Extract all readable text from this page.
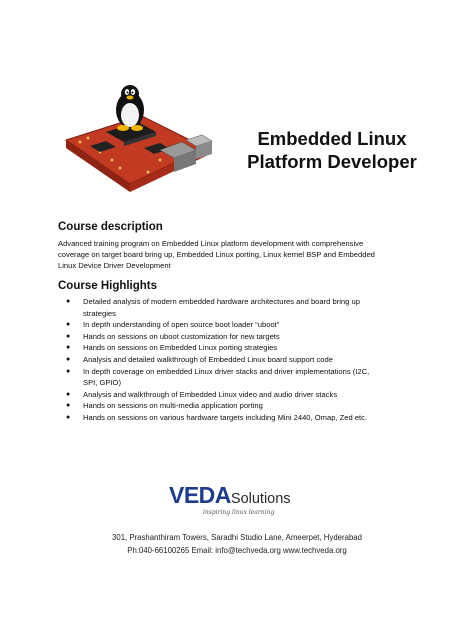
Embedded Linux
Platform Developer
Course description
Advanced training program on Embedded Linux platform development with comprehensive
coverage on target board bring up, Embedded Linux porting, Linux kernel BSP and Embedded
Linux Device Driver Development
Course Highlights
● Detailed analysis of modern embedded hardware architectures and board bring up
strategies
● In depth understanding of open source boot loader “uboot”
● Hands on sessions on uboot customization for new targets
● Hands on sessions on Embedded Linux porting strategies
● Analysis and detailed walkthrough of Embedded Linux board support code
● In depth coverage on embedded Linux driver stacks and driver implementations (I2C,
SPI, GPIO)
● Analysis and walkthrough of Embedded Linux video and audio driver stacks
● Hands on sessions on multi-media application porting
● Hands on sessions on various hardware targets including Mini 2440, Omap, Zed etc.
VEDASolutions
inspiring linux learning
301, Prashanthiram Towers, Saradhi Studio Lane, Ameerpet, Hyderabad
Ph:040-66100265 Email: info@techveda.org www.techveda.org
